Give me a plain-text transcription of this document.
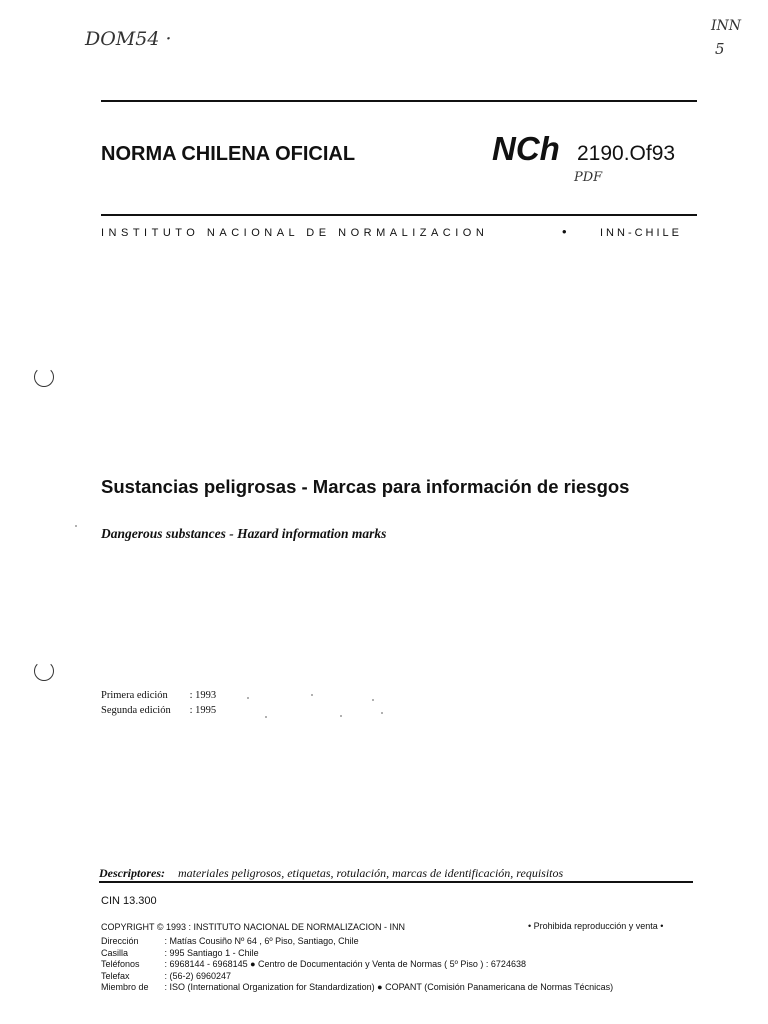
DOM54 ·
INN
5
NORMA CHILENA OFICIAL	NCh 2190.Of93
PDF
INSTITUTO NACIONAL DE NORMALIZACION	•	INN-CHILE
Sustancias peligrosas - Marcas para información de riesgos
Dangerous substances - Hazard information marks
Primera edición : 1993
Segunda edición : 1995
Descriptores: materiales peligrosos, etiquetas, rotulación, marcas de identificación, requisitos
CIN 13.300
COPYRIGHT © 1993 : INSTITUTO NACIONAL DE NORMALIZACION - INN	• Prohibida reproducción y venta •
Dirección	: Matías Cousiño Nº 64 , 6º Piso, Santiago, Chile
Casilla	: 995 Santiago 1 - Chile
Teléfonos	: 6968144 - 6968145 ● Centro de Documentación y Venta de Normas ( 5º Piso ) : 6724638
Telefax	: (56-2) 6960247
Miembro de : ISO (International Organization for Standardization) ● COPANT (Comisión Panamericana de Normas Técnicas)
